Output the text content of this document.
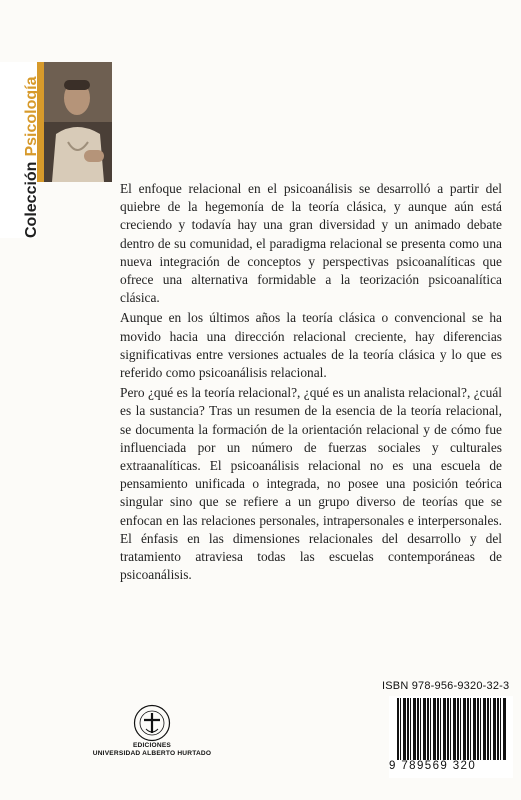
ColecciónPsicología

El enfoque relacional en el psicoanálisis se desarrolló a partir del quiebre de la hegemonía de la teoría clásica, y aunque aún está creciendo y todavía hay una gran diversidad y un animado debate dentro de su comunidad, el paradigma relacional se presenta como una nueva integración de conceptos y perspectivas psicoanalíticas que ofrece una alternativa formidable a la teorización psicoanalítica clásica.

Aunque en los últimos años la teoría clásica o convencional se ha movido hacia una dirección relacional creciente, hay diferencias significativas entre versiones actuales de la teoría clásica y lo que es referido como psicoanálisis relacional.

Pero ¿qué es la teoría relacional?, ¿qué es un analista relacional?, ¿cuál es la sustancia? Tras un resumen de la esencia de la teoría relacional, se documenta la formación de la orientación relacional y de cómo fue influenciada por un número de fuerzas sociales y culturales extraanalíticas. El psicoanálisis relacional no es una escuela de pensamiento unificada o integrada, no posee una posición teórica singular sino que se refiere a un grupo diverso de teorías que se enfocan en las relaciones personales, intrapersonales e interpersonales. El énfasis en las dimensiones relacionales del desarrollo y del tratamiento atraviesa todas las escuelas contemporáneas de psicoanálisis.

EDICIONES
UNIVERSIDAD ALBERTO HURTADO
ISBN 978-956-9320-32-3
9 789569 320
